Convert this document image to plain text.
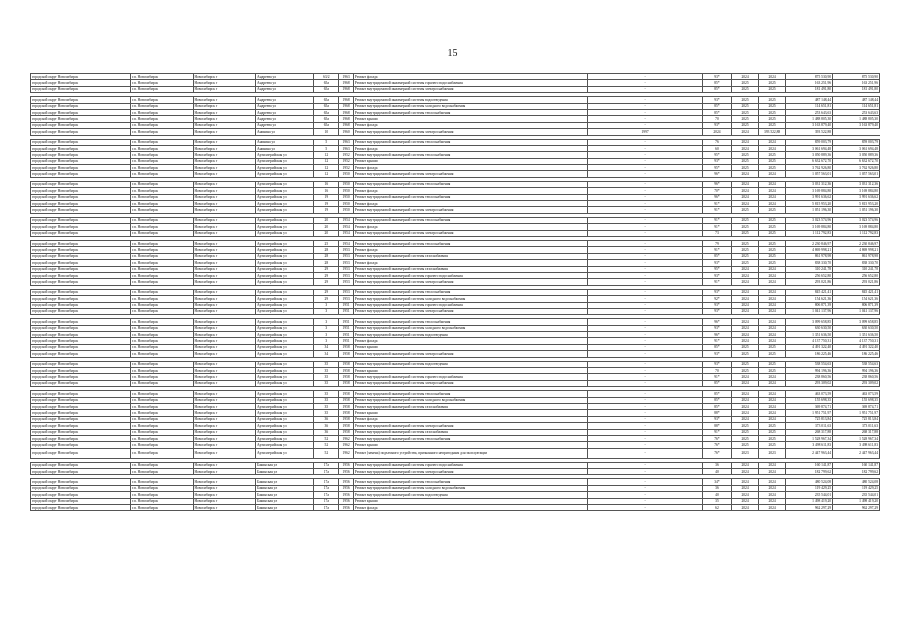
15
городской округ Новосибирск	г.п. Новосибирск	Новосибирск г	Андреева ул	63/2	1963	Ремонт фасада	-	93*	2024	2024	875 530,90	875 530,90
городской округ Новосибирск	г.п. Новосибирск	Новосибирск г	Андреева ул	65а	1968	Ремонт внутридомовой инженерной системы горячего водоснабжения	-	85*	2025	2025	163 251,96	163 251,96
городской округ Новосибирск	г.п. Новосибирск	Новосибирск г	Андреева ул	65а	1968	Ремонт внутридомовой инженерной системы электроснабжения	-	85*	2025	2025	181 491,80	181 491,80

городской округ Новосибирск	г.п. Новосибирск	Новосибирск г	Андреева ул	65а	1968	Ремонт внутридомовой инженерной системы водоотведения	-	93*	2025	2025	487 148,44	487 148,44
городской округ Новосибирск	г.п. Новосибирск	Новосибирск г	Андреева ул	65а	1968	Ремонт внутридомовой инженерной системы холодного водоснабжения	-	85*	2025	2025	114 651,81	114 651,81
городской округ Новосибирск	г.п. Новосибирск	Новосибирск г	Андреева ул	65а	1968	Ремонт внутридомовой инженерной системы теплоснабжения	-	85*	2025	2025	253 643,63	253 643,63
городской округ Новосибирск	г.п. Новосибирск	Новосибирск г	Андреева ул	65а	1968	Ремонт крыши	-	70	2025	2025	1 488 805,30	1 488 805,30
городской округ Новосибирск	г.п. Новосибирск	Новосибирск г	Андреева ул	65а	1968	Ремонт фасада	-	93*	2025	2025	3 163 879,40	3 163 879,40
городской округ Новосибирск	г.п. Новосибирск	Новосибирск г	Аникина ул	10	1960	Ремонт внутридомовой инженерной системы электроснабжения	1997	2024	2024	393 522,88	393 522,88	

городской округ Новосибирск	г.п. Новосибирск	Новосибирск г	Аникина ул	5	1963	Ремонт внутридомовой инженерной системы теплоснабжения	-	76	2024	2024	859 003,79	859 003,79
городской округ Новосибирск	г.п. Новосибирск	Новосибирск г	Аникина ул	5	1963	Ремонт фасада	-	60	2024	2024	3 061 694,48	3 061 694,48
городской округ Новосибирск	г.п. Новосибирск	Новосибирск г	Артиллерийская ул	12	1952	Ремонт внутридомовой инженерной системы теплоснабжения	-	95*	2025	2025	3 050 889,36	3 050 889,36
городской округ Новосибирск	г.п. Новосибирск	Новосибирск г	Артиллерийская ул	12	1952	Ремонт крыши	-	93*	2025	2025	6 632 672,70	6 632 672,70
городской округ Новосибирск	г.п. Новосибирск	Новосибирск г	Артиллерийская ул	12	1952	Ремонт фасада	-	95*	2025	2025	3 762 926,80	3 762 926,80
городской округ Новосибирск	г.п. Новосибирск	Новосибирск г	Артиллерийская ул	12	1950	Ремонт внутридомовой инженерной системы электроснабжения	-	96*	2024	2024	1 057 563,01	1 057 563,01

городской округ Новосибирск	г.п. Новосибирск	Новосибирск г	Артиллерийская ул	16	1950	Ремонт внутридомовой инженерной системы теплоснабжения	-	96*	2024	2024	3 031 312,36	3 031 312,36
городской округ Новосибирск	г.п. Новосибирск	Новосибирск г	Артиллерийская ул	16	1950	Ремонт фасада	-	70*	2024	2024	3 169 884,80	3 169 884,80
городской округ Новосибирск	г.п. Новосибирск	Новосибирск г	Артиллерийская ул	19	1950	Ремонт внутридомовой инженерной системы теплоснабжения	-	96*	2024	2024	3 991 636,62	3 991 636,62
городской округ Новосибирск	г.п. Новосибирск	Новосибирск г	Артиллерийская ул	19	1950	Ремонт фасада	-	91*	2024	2024	5 815 953,20	5 815 953,20
городской округ Новосибирск	г.п. Новосибирск	Новосибирск г	Артиллерийская ул	19	1950	Ремонт внутридомовой инженерной системы электроснабжения	-	91*	2025	2025	1 051 196,30	1 051 196,30

городской округ Новосибирск	г.п. Новосибирск	Новосибирск г	Артиллерийская ул	20	1954	Ремонт внутридомовой инженерной системы теплоснабжения	-	91*	2025	2025	3 023 574,96	3 023 574,96
городской округ Новосибирск	г.п. Новосибирск	Новосибирск г	Артиллерийская ул	20	1954	Ремонт фасада	-	91*	2025	2025	3 169 884,80	3 169 884,80
городской округ Новосибирск	г.п. Новосибирск	Новосибирск г	Артиллерийская ул	20	1954	Ремонт внутридомовой инженерной системы электроснабжения	-	73	2025	2025	1 112 792,83	1 112 792,83

городской округ Новосибирск	г.п. Новосибирск	Новосибирск г	Артиллерийская ул	25	1954	Ремонт внутридомовой инженерной системы теплоснабжения	-	79	2025	2025	2 230 846,97	2 230 846,97
городской округ Новосибирск	г.п. Новосибирск	Новосибирск г	Артиллерийская ул	28	1953	Ремонт фасада	-	91*	2025	2025	4 869 998,21	4 869 998,21
городской округ Новосибирск	г.п. Новосибирск	Новосибирск г	Артиллерийская ул	28	1953	Ремонт внутридомовой инженерной системы газоснабжения	-	85*	2025	2025	861 978,98	861 978,98
городской округ Новосибирск	г.п. Новосибирск	Новосибирск г	Артиллерийская ул	28	1953	Ремонт фасада	-	93*	2025	2025	838 330,70	838 330,70
городской округ Новосибирск	г.п. Новосибирск	Новосибирск г	Артиллерийская ул	29	1953	Ремонт внутридомовой инженерной системы газоснабжения	-	95*	2024	2024	310 241,78	310 241,78
городской округ Новосибирск	г.п. Новосибирск	Новосибирск г	Артиллерийская ул	29	1953	Ремонт внутридомовой инженерной системы горячего водоснабжения	-	93*	2024	2024	256 652,80	256 652,80
городской округ Новосибирск	г.п. Новосибирск	Новосибирск г	Артиллерийская ул	29	1953	Ремонт внутридомовой инженерной системы электроснабжения	-	91*	2024	2024	293 021,86	293 021,86

городской округ Новосибирск	г.п. Новосибирск	Новосибирск г	Артиллерийская ул	29	1953	Ремонт внутридомовой инженерной системы теплоснабжения	-	93*	2024	2024	845 421,41	845 421,41
городской округ Новосибирск	г.п. Новосибирск	Новосибирск г	Артиллерийская ул	29	1953	Ремонт внутридомовой инженерной системы холодного водоснабжения	-	92*	2024	2024	154 621,36	154 621,36
городской округ Новосибирск	г.п. Новосибирск	Новосибирск г	Артиллерийская ул	3	1951	Ремонт внутридомовой инженерной системы горячего водоснабжения	-	93*	2024	2024	806 871,39	806 871,39
городской округ Новосибирск	г.п. Новосибирск	Новосибирск г	Артиллерийская ул	3	1951	Ремонт внутридомовой инженерной системы электроснабжения	-	93*	2024	2024	1 041 137,96	1 041 137,96

городской округ Новосибирск	г.п. Новосибирск	Новосибирск г	Артиллерийская ул	3	1951	Ремонт внутридомовой инженерной системы теплоснабжения	-	96*	2024	2024	3 099 658,85	3 099 658,85
городской округ Новосибирск	г.п. Новосибирск	Новосибирск г	Артиллерийская ул	3	1951	Ремонт внутридомовой инженерной системы холодного водоснабжения	-	93*	2024	2024	630 630,50	630 630,50
городской округ Новосибирск	г.п. Новосибирск	Новосибирск г	Артиллерийская ул	3	1951	Ремонт внутридомовой инженерной системы водоотведения	-	96*	2024	2024	1 351 636,50	1 351 636,50
городской округ Новосибирск	г.п. Новосибирск	Новосибирск г	Артиллерийская ул	3	1951	Ремонт фасада	-	91*	2024	2024	4 137 750,31	4 137 750,31
городской округ Новосибирск	г.п. Новосибирск	Новосибирск г	Артиллерийская ул	34	1958	Ремонт крыши	-	85*	2025	2025	4 491 322,40	4 491 322,40
городской округ Новосибирск	г.п. Новосибирск	Новосибирск г	Артиллерийская ул	34	1958	Ремонт внутридомовой инженерной системы электроснабжения	-	93*	2025	2025	186 225,46	186 225,46

городской округ Новосибирск	г.п. Новосибирск	Новосибирск г	Артиллерийская ул	35	1958	Ремонт внутридомовой инженерной системы водоотведения	-	93*	2025	2025	538 554,63	538 554,63
городской округ Новосибирск	г.п. Новосибирск	Новосибирск г	Артиллерийская ул	35	1958	Ремонт крыши	-	70	2025	2025	994 196,36	994 196,36
городской округ Новосибирск	г.п. Новосибирск	Новосибирск г	Артиллерийская ул	35	1958	Ремонт внутридомовой инженерной системы горячего водоснабжения	-	91*	2024	2024	238 860,56	238 860,56
городской округ Новосибирск	г.п. Новосибирск	Новосибирск г	Артиллерийская ул	35	1958	Ремонт внутридомовой инженерной системы электроснабжения	-	85*	2024	2024	293 309,02	293 309,02

городской округ Новосибирск	г.п. Новосибирск	Новосибирск г	Артиллерийская ул	35	1958	Ремонт внутридомовой инженерной системы теплоснабжения	-	85*	2024	2024	463 073,59	463 073,59
городской округ Новосибирск	г.п. Новосибирск	Новосибирск г	Артиллерийская ул	35	1958	Ремонт внутридомовой инженерной системы холодного водоснабжения	-	85*	2024	2024	155 698,35	155 698,35
городской округ Новосибирск	г.п. Новосибирск	Новосибирск г	Артиллерийская ул	35	1958	Ремонт внутридомовой инженерной системы газоснабжения	-	85*	2024	2024	369 874,71	369 874,71
городской округ Новосибирск	г.п. Новосибирск	Новосибирск г	Артиллерийская ул	35	1958	Ремонт крыши	-	88*	2024	2024	1 951 751,97	1 951 751,97
городской округ Новосибирск	г.п. Новосибирск	Новосибирск г	Артиллерийская ул	36	1958	Ремонт фасада	-	93*	2024	2024	725 813,84	725 813,84
городской округ Новосибирск	г.п. Новосибирск	Новосибирск г	Артиллерийская ул	36	1958	Ремонт внутридомовой инженерной системы электроснабжения	-	88*	2025	2025	373 011,63	373 011,63
городской округ Новосибирск	г.п. Новосибирск	Новосибирск г	Артиллерийская ул	36	1958	Ремонт внутридомовой инженерной системы газоснабжения	-	91*	2025	2025	268 317,88	268 317,88
городской округ Новосибирск	г.п. Новосибирск	Новосибирск г	Артиллерийская ул	52	1962	Ремонт внутридомовой инженерной системы теплоснабжения	-	76*	2025	2025	1 528 967,34	1 528 967,34
городской округ Новосибирск	г.п. Новосибирск	Новосибирск г	Артиллерийская ул	52	1962	Ремонт крыши	-	76*	2025	2025	3 498 611,83	3 498 611,83
городской округ Новосибирск	г.п. Новосибирск	Новосибирск г	Артиллерийская ул	52	1962	Ремонт (замена) подъемного устройства, признанного непригодным для эксплуатации	-	76*	2023	2023	2 447 963,44	2 447 963,44

городской округ Новосибирск	г.п. Новосибирск	Новосибирск г	Бакинская ул	17а	1956	Ремонт внутридомовой инженерной системы горячего водоснабжения	-	36	2024	2024	160 141,87	160 141,87
городской округ Новосибирск	г.п. Новосибирск	Новосибирск г	Бакинская ул	17а	1956	Ремонт внутридомовой инженерной системы электроснабжения	-	40	2024	2024	182 799,62	182 799,62

городской округ Новосибирск	г.п. Новосибирск	Новосибирск г	Бакинская ул	17а	1956	Ремонт внутридомовой инженерной системы теплоснабжения	-	34*	2024	2024	480 524,08	480 524,08
городской округ Новосибирск	г.п. Новосибирск	Новосибирск г	Бакинская ул	17а	1956	Ремонт внутридомовой инженерной системы холодного водоснабжения	-	36	2024	2024	119 429,25	119 429,25
городской округ Новосибирск	г.п. Новосибирск	Новосибирск г	Бакинская ул	17а	1956	Ремонт внутридомовой инженерной системы водоотведения	-	40	2024	2024	235 544,01	235 544,01
городской округ Новосибирск	г.п. Новосибирск	Новосибирск г	Бакинская ул	17а	1956	Ремонт крыши	-	35	2024	2024	1 498 419,20	1 498 419,20
городской округ Новосибирск	г.п. Новосибирск	Новосибирск г	Бакинская ул	17а	1956	Ремонт фасада	-	62	2024	2024	962 297,29	962 297,29
